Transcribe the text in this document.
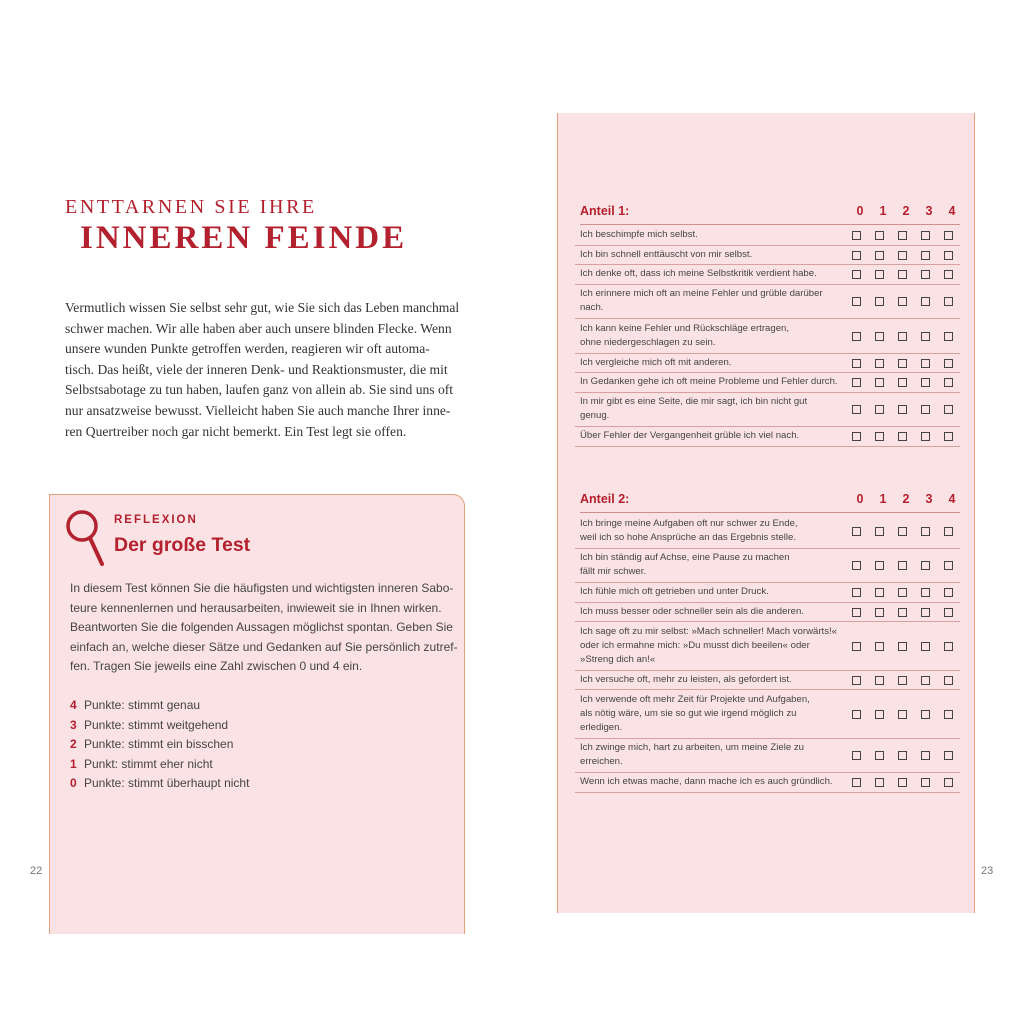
ENTTARNEN SIE IHRE
INNEREN FEINDE
Vermutlich wissen Sie selbst sehr gut, wie Sie sich das Leben manchmal
schwer machen. Wir alle haben aber auch unsere blinden Flecke. Wenn
unsere wunden Punkte getroffen werden, reagieren wir oft automa-
tisch. Das heißt, viele der inneren Denk- und Reaktionsmuster, die mit
Selbstsabotage zu tun haben, laufen ganz von allein ab. Sie sind uns oft
nur ansatzweise bewusst. Vielleicht haben Sie auch manche Ihrer inne-
ren Quertreiber noch gar nicht bemerkt. Ein Test legt sie offen.
REFLEXION
Der große Test
In diesem Test können Sie die häufigsten und wichtigsten inneren Sabo-
teure kennenlernen und herausarbeiten, inwieweit sie in Ihnen wirken.
Beantworten Sie die folgenden Aussagen möglichst spontan. Geben Sie
einfach an, welche dieser Sätze und Gedanken auf Sie persönlich zutref-
fen. Tragen Sie jeweils eine Zahl zwischen 0 und 4 ein.
4 Punkte: stimmt genau
3 Punkte: stimmt weitgehend
2 Punkte: stimmt ein bisschen
1 Punkt: stimmt eher nicht
0 Punkte: stimmt überhaupt nicht
22
Anteil 1:	0 1 2 3 4
Ich beschimpfe mich selbst.
Ich bin schnell enttäuscht von mir selbst.
Ich denke oft, dass ich meine Selbstkritik verdient habe.
Ich erinnere mich oft an meine Fehler und grüble darüber
nach.
Ich kann keine Fehler und Rückschläge ertragen,
ohne niedergeschlagen zu sein.
Ich vergleiche mich oft mit anderen.
In Gedanken gehe ich oft meine Probleme und Fehler durch.
In mir gibt es eine Seite, die mir sagt, ich bin nicht gut
genug.
Über Fehler der Vergangenheit grüble ich viel nach.
Anteil 2:	0 1 2 3 4
Ich bringe meine Aufgaben oft nur schwer zu Ende,
weil ich so hohe Ansprüche an das Ergebnis stelle.
Ich bin ständig auf Achse, eine Pause zu machen
fällt mir schwer.
Ich fühle mich oft getrieben und unter Druck.
Ich muss besser oder schneller sein als die anderen.
Ich sage oft zu mir selbst: »Mach schneller! Mach vorwärts!«
oder ich ermahne mich: »Du musst dich beeilen« oder
»Streng dich an!«
Ich versuche oft, mehr zu leisten, als gefordert ist.
Ich verwende oft mehr Zeit für Projekte und Aufgaben,
als nötig wäre, um sie so gut wie irgend möglich zu
erledigen.
Ich zwinge mich, hart zu arbeiten, um meine Ziele zu
erreichen.
Wenn ich etwas mache, dann mache ich es auch gründlich.
23
